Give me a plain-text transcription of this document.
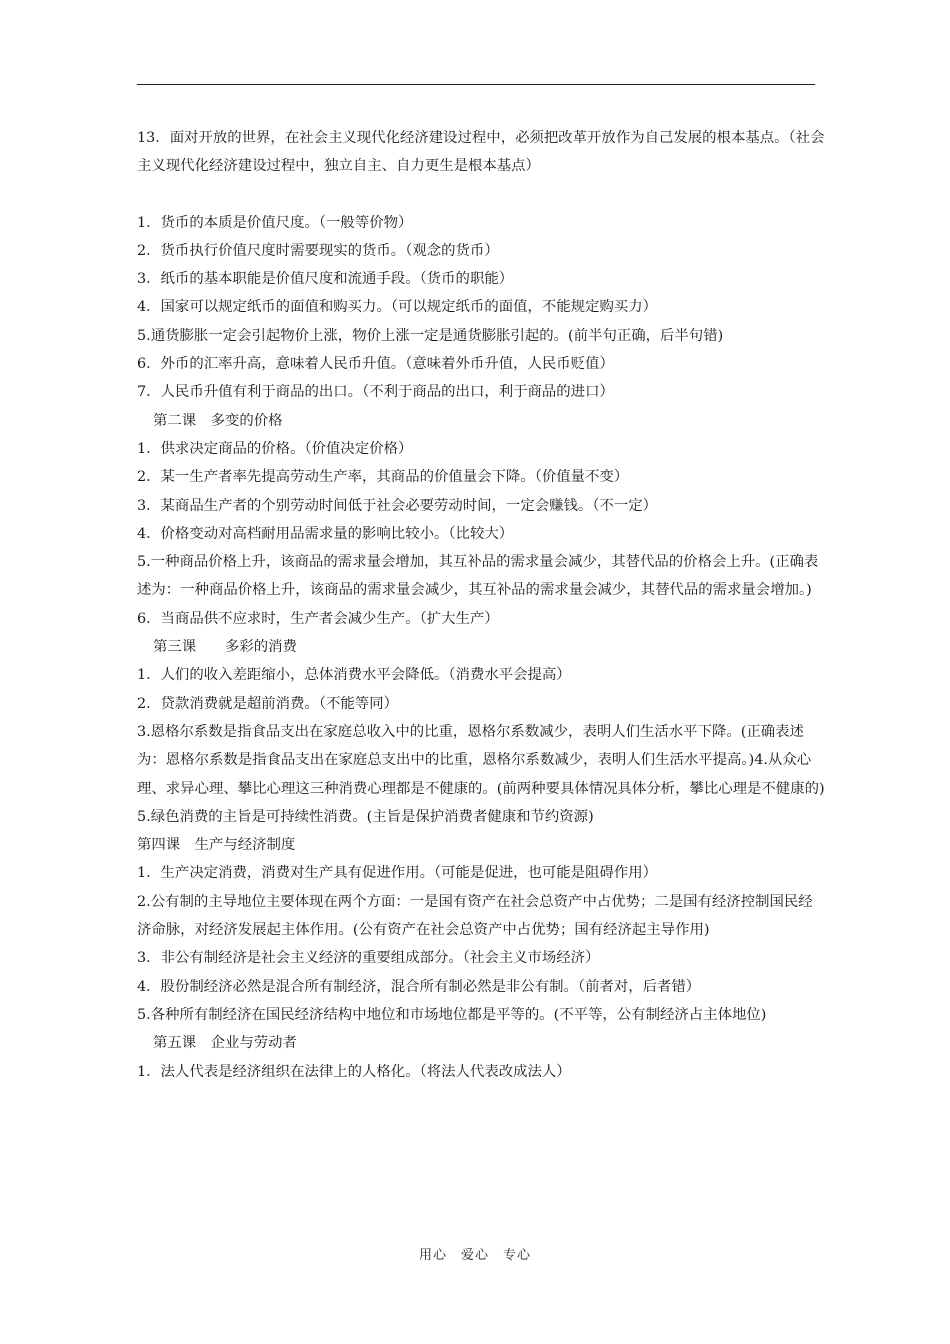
13．面对开放的世界，在社会主义现代化经济建设过程中，必须把改革开放作为自己发展的根本基点。（社会主义现代化经济建设过程中，独立自主、自力更生是根本基点）

1．货币的本质是价值尺度。（一般等价物）

2．货币执行价值尺度时需要现实的货币。（观念的货币）

3．纸币的基本职能是价值尺度和流通手段。（货币的职能）

4．国家可以规定纸币的面值和购买力。（可以规定纸币的面值，不能规定购买力）

5.通货膨胀一定会引起物价上涨，物价上涨一定是通货膨胀引起的。(前半句正确，后半句错)

6．外币的汇率升高，意味着人民币升值。（意味着外币升值，人民币贬值）

7．人民币升值有利于商品的出口。（不利于商品的出口，利于商品的进口）

第二课　多变的价格

1．供求决定商品的价格。（价值决定价格）

2．某一生产者率先提高劳动生产率，其商品的价值量会下降。（价值量不变）

3．某商品生产者的个别劳动时间低于社会必要劳动时间，一定会赚钱。（不一定）

4．价格变动对高档耐用品需求量的影响比较小。（比较大）

5.一种商品价格上升，该商品的需求量会增加，其互补品的需求量会减少，其替代品的价格会上升。(正确表述为：一种商品价格上升，该商品的需求量会减少，其互补品的需求量会减少，其替代品的需求量会增加。)

6．当商品供不应求时，生产者会减少生产。（扩大生产）

第三课　　多彩的消费

1．人们的收入差距缩小，总体消费水平会降低。（消费水平会提高）

2．贷款消费就是超前消费。（不能等同）

3.恩格尔系数是指食品支出在家庭总收入中的比重，恩格尔系数减少，表明人们生活水平下降。(正确表述为：恩格尔系数是指食品支出在家庭总支出中的比重，恩格尔系数减少，表明人们生活水平提高。)4.从众心理、求异心理、攀比心理这三种消费心理都是不健康的。(前两种要具体情况具体分析，攀比心理是不健康的)5.绿色消费的主旨是可持续性消费。(主旨是保护消费者健康和节约资源)

第四课　生产与经济制度

1．生产决定消费，消费对生产具有促进作用。（可能是促进，也可能是阻碍作用）

2.公有制的主导地位主要体现在两个方面：一是国有资产在社会总资产中占优势；二是国有经济控制国民经济命脉，对经济发展起主体作用。(公有资产在社会总资产中占优势；国有经济起主导作用)

3．非公有制经济是社会主义经济的重要组成部分。（社会主义市场经济）

4．股份制经济必然是混合所有制经济，混合所有制必然是非公有制。（前者对，后者错）

5.各种所有制经济在国民经济结构中地位和市场地位都是平等的。(不平等，公有制经济占主体地位)

第五课　企业与劳动者

1．法人代表是经济组织在法律上的人格化。（将法人代表改成法人）

用心　爱心　专心
